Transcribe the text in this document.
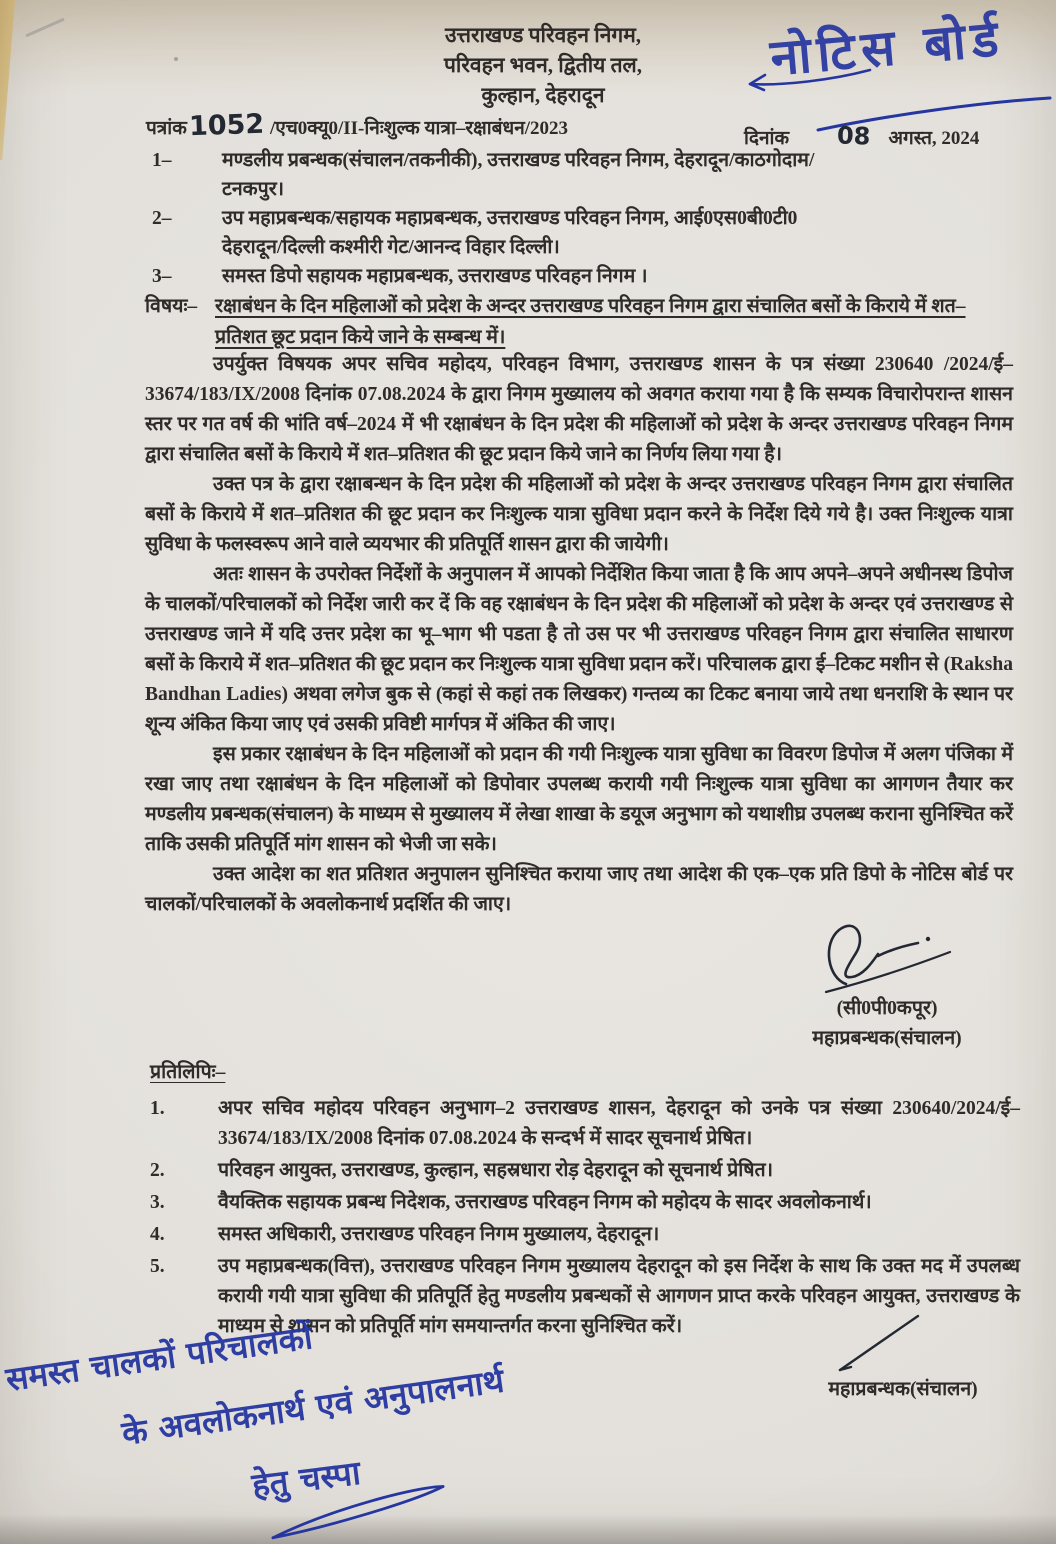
उत्तराखण्ड परिवहन निगम,
परिवहन भवन, द्वितीय तल,
कुल्हान, देहरादून
नोटिस बोर्ड
पत्रांक1052 /एच0क्यू0/II-निःशुल्क यात्रा–रक्षाबंधन/2023	दिनांक 08 अगस्त, 2024
1–	मण्डलीय प्रबन्धक(संचालन/तकनीकी), उत्तराखण्ड परिवहन निगम, देहरादून/काठगोदाम/टनकपुर।
2–	उप महाप्रबन्धक/सहायक महाप्रबन्धक, उत्तराखण्ड परिवहन निगम, आई0एस0बी0टी0 देहरादून/दिल्ली कश्मीरी गेट/आनन्द विहार दिल्ली।
3–	समस्त डिपो सहायक महाप्रबन्धक, उत्तराखण्ड परिवहन निगम ।
विषयः– रक्षाबंधन के दिन महिलाओं को प्रदेश के अन्दर उत्तराखण्ड परिवहन निगम द्वारा संचालित बसों के किराये में शत–प्रतिशत छूट प्रदान किये जाने के सम्बन्ध में।

उपर्युक्त विषयक अपर सचिव महोदय, परिवहन विभाग, उत्तराखण्ड शासन के पत्र संख्या 230640 /2024/ई–33674/183/IX/2008 दिनांक 07.08.2024 के द्वारा निगम मुख्यालय को अवगत कराया गया है कि सम्यक विचारोपरान्त शासन स्तर पर गत वर्ष की भांति वर्ष–2024 में भी रक्षाबंधन के दिन प्रदेश की महिलाओं को प्रदेश के अन्दर उत्तराखण्ड परिवहन निगम द्वारा संचालित बसों के किराये में शत–प्रतिशत की छूट प्रदान किये जाने का निर्णय लिया गया है।

उक्त पत्र के द्वारा रक्षाबन्धन के दिन प्रदेश की महिलाओं को प्रदेश के अन्दर उत्तराखण्ड परिवहन निगम द्वारा संचालित बसों के किराये में शत–प्रतिशत की छूट प्रदान कर निःशुल्क यात्रा सुविधा प्रदान करने के निर्देश दिये गये है। उक्त निःशुल्क यात्रा सुविधा के फलस्वरूप आने वाले व्ययभार की प्रतिपूर्ति शासन द्वारा की जायेगी।

अतः शासन के उपरोक्त निर्देशों के अनुपालन में आपको निर्देशित किया जाता है कि आप अपने–अपने अधीनस्थ डिपोज के चालकों/परिचालकों को निर्देश जारी कर दें कि वह रक्षाबंधन के दिन प्रदेश की महिलाओं को प्रदेश के अन्दर एवं उत्तराखण्ड से उत्तराखण्ड जाने में यदि उत्तर प्रदेश का भू–भाग भी पडता है तो उस पर भी उत्तराखण्ड परिवहन निगम द्वारा संचालित साधारण बसों के किराये में शत–प्रतिशत की छूट प्रदान कर निःशुल्क यात्रा सुविधा प्रदान करें। परिचालक द्वारा ई–टिकट मशीन से (Raksha Bandhan Ladies) अथवा लगेज बुक से (कहां से कहां तक लिखकर) गन्तव्य का टिकट बनाया जाये तथा धनराशि के स्थान पर शून्य अंकित किया जाए एवं उसकी प्रविष्टी मार्गपत्र में अंकित की जाए।

इस प्रकार रक्षाबंधन के दिन महिलाओं को प्रदान की गयी निःशुल्क यात्रा सुविधा का विवरण डिपोज में अलग पंजिका में रखा जाए तथा रक्षाबंधन के दिन महिलाओं को डिपोवार उपलब्ध करायी गयी निःशुल्क यात्रा सुविधा का आगणन तैयार कर मण्डलीय प्रबन्धक(संचालन) के माध्यम से मुख्यालय में लेखा शाखा के डयूज अनुभाग को यथाशीघ्र उपलब्ध कराना सुनिश्चित करें ताकि उसकी प्रतिपूर्ति मांग शासन को भेजी जा सके।

उक्त आदेश का शत प्रतिशत अनुपालन सुनिश्चित कराया जाए तथा आदेश की एक–एक प्रति डिपो के नोटिस बोर्ड पर चालकों/परिचालकों के अवलोकनार्थ प्रदर्शित की जाए।

(सी0पी0कपूर)
महाप्रबन्धक(संचालन)
प्रतिलिपिः–
1.	अपर सचिव महोदय परिवहन अनुभाग–2 उत्तराखण्ड शासन, देहरादून को उनके पत्र संख्या 230640/2024/ई–33674/183/IX/2008 दिनांक 07.08.2024 के सन्दर्भ में सादर सूचनार्थ प्रेषित।
2.	परिवहन आयुक्त, उत्तराखण्ड, कुल्हान, सहस्रधारा रोड़ देहरादून को सूचनार्थ प्रेषित।
3.	वैयक्तिक सहायक प्रबन्ध निदेशक, उत्तराखण्ड परिवहन निगम को महोदय के सादर अवलोकनार्थ।
4.	समस्त अधिकारी, उत्तराखण्ड परिवहन निगम मुख्यालय, देहरादून।
5.	उप महाप्रबन्धक(वित्त), उत्तराखण्ड परिवहन निगम मुख्यालय देहरादून को इस निर्देश के साथ कि उक्त मद में उपलब्ध करायी गयी यात्रा सुविधा की प्रतिपूर्ति हेतु मण्डलीय प्रबन्धकों से आगणन प्राप्त करके परिवहन आयुक्त, उत्तराखण्ड के माध्यम से शासन को प्रतिपूर्ति मांग समयान्तर्गत करना सुनिश्चित करें।
महाप्रबन्धक(संचालन)
समस्त चालकों परिचालकों
के अवलोकनार्थ एवं अनुपालनार्थ
हेतु चस्पा
